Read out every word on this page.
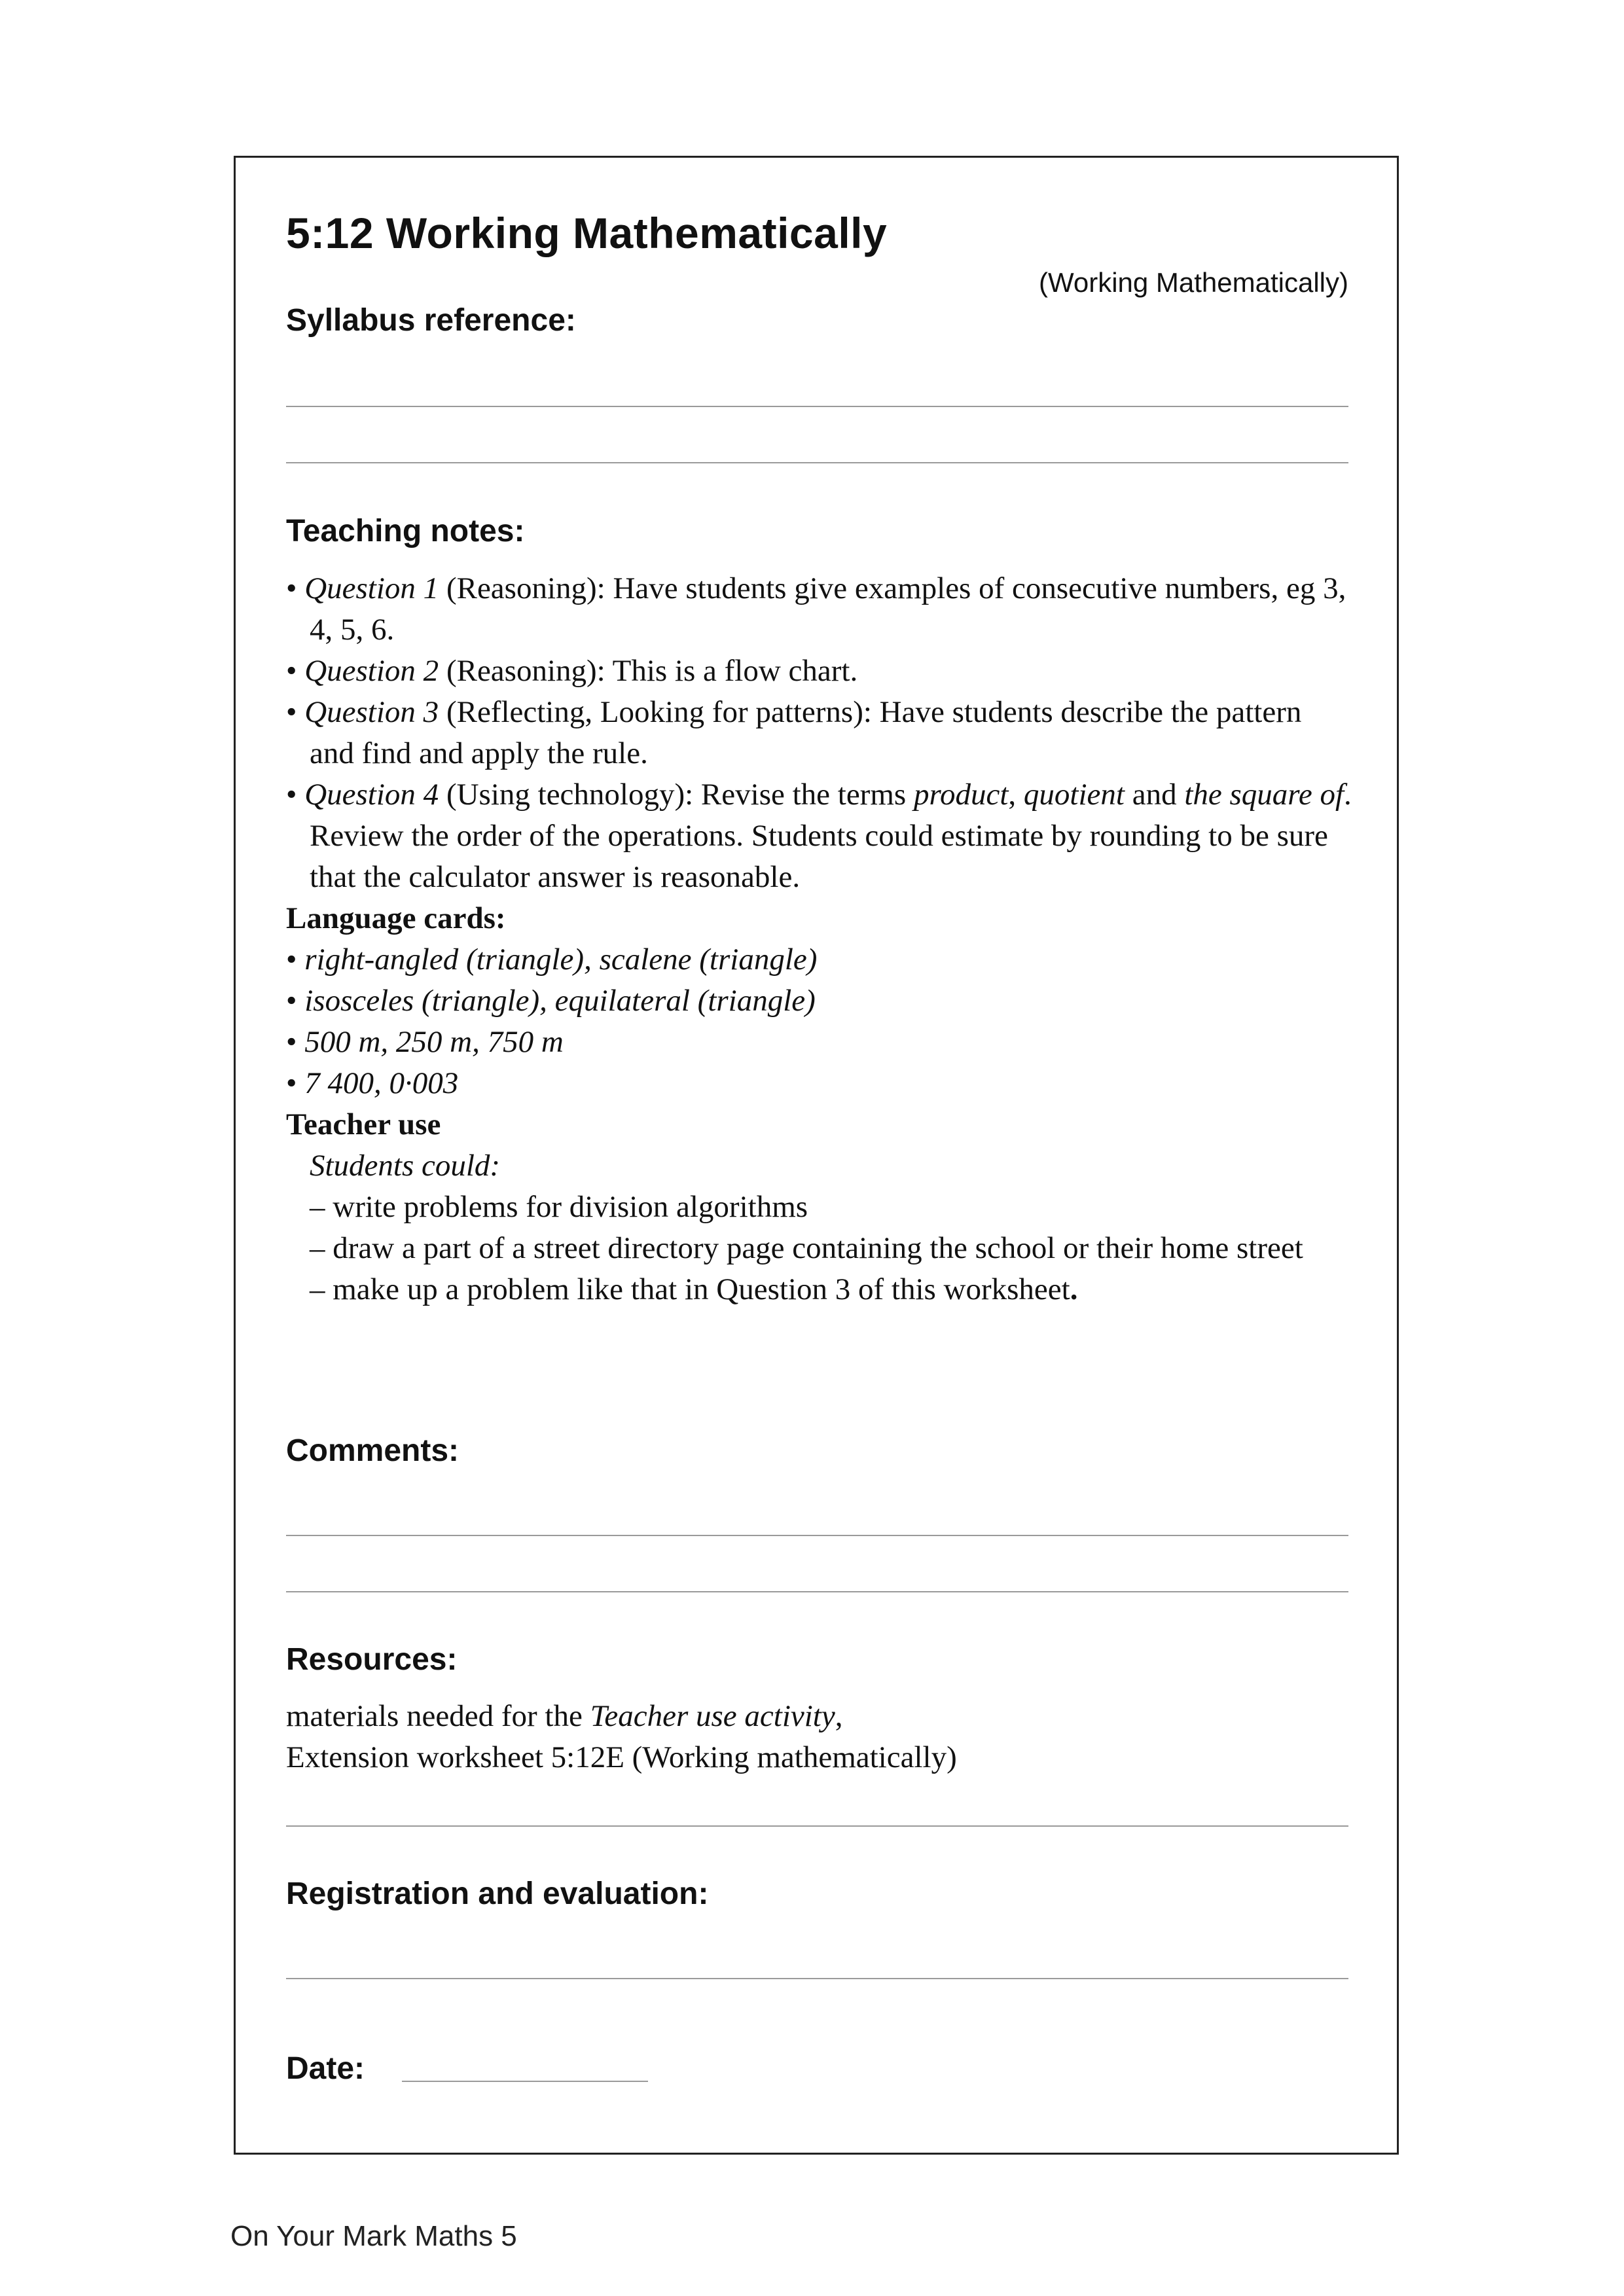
5:12 Working Mathematically
(Working Mathematically)
Syllabus reference:
Teaching notes:
• Question 1 (Reasoning): Have students give examples of consecutive numbers, eg 3, 4, 5, 6.
• Question 2 (Reasoning): This is a flow chart.
• Question 3 (Reflecting, Looking for patterns): Have students describe the pattern and find and apply the rule.
• Question 4 (Using technology): Revise the terms product, quotient and the square of. Review the order of the operations. Students could estimate by rounding to be sure that the calculator answer is reasonable.
Language cards:
• right-angled (triangle), scalene (triangle)
• isosceles (triangle), equilateral (triangle)
• 500 m, 250 m, 750 m
• 7 400, 0·003
Teacher use
Students could:
– write problems for division algorithms
– draw a part of a street directory page containing the school or their home street
– make up a problem like that in Question 3 of this worksheet.
Comments:
Resources:
materials needed for the Teacher use activity,
Extension worksheet 5:12E (Working mathematically)
Registration and evaluation:
Date:
On Your Mark Maths 5
